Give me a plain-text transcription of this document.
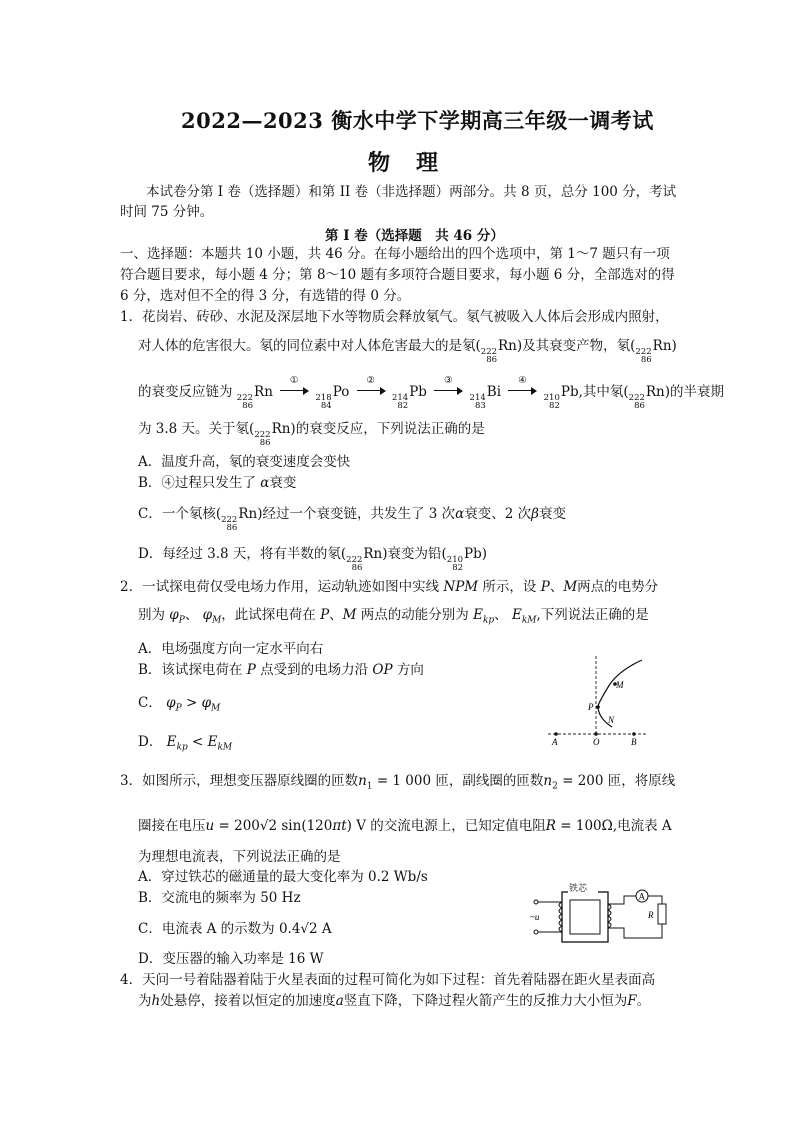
2022—2023 衡水中学下学期高三年级一调考试
物理
本试卷分第 I 卷（选择题）和第 II 卷（非选择题）两部分。共 8 页，总分 100 分，考试
时间 75 分钟。
第 I 卷（选择题　共 46 分）
一、选择题：本题共 10 小题，共 46 分。在每小题给出的四个选项中，第 1～7 题只有一项
符合题目要求，每小题 4 分；第 8～10 题有多项符合题目要求，每小题 6 分，全部选对的得
6 分，选对但不全的得 3 分，有选错的得 0 分。
1．花岗岩、砖砂、水泥及深层地下水等物质会释放氡气。氡气被吸入人体后会形成内照射，
对人体的危害很大。氡的同位素中对人体危害最大的是氡( 222
86
Rn)及其衰变产物，氡( 222
86
Rn)
的衰变反应链为 222
86
Rn
①

218
84
Po
②

214
82
Pb
③

214
83
Bi
④

210
82
Pb,其中氡( 222
86
Rn)的半衰期
为 3.8 天。关于氡( 222
86
Rn)的衰变反应，下列说法正确的是
A．温度升高，氡的衰变速度会变快
B．④过程只发生了 α衰变
C．一个氡核( 222
86
Rn)经过一个衰变链，共发生了 3 次α衰变、2 次β衰变
D．每经过 3.8 天，将有半数的氡( 222
86
Rn)衰变为铅( 210
82
Pb)
2．一试探电荷仅受电场力作用，运动轨迹如图中实线 NPM 所示，设 P、M两点的电势分
别为 $\varphi_P$、 $\varphi_M$，此试探电荷在 P、M 两点的动能分别为 $E_{kp}$、 $E_{kM}$,下列说法正确的是
A．电场强度方向一定水平向右
B．该试探电荷在 P 点受到的电场力沿 OP 方向
C． $\varphi_P > \varphi_M$
D． $E_{kp} < E_{kM}$
M
P
N
A	O	B
3．如图所示，理想变压器原线圈的匝数$n_1 = 1$ 000 匝，副线圈的匝数$n_2 = 200$ 匝，将原线
圈接在电压u = 200√2 sin(120πt) V 的交流电源上，已知定值电阻R = 100Ω,电流表 A
为理想电流表，下列说法正确的是
A．穿过铁芯的磁通量的最大变化率为 0.2 Wb/s
B．交流电的频率为 50 Hz
C．电流表 A 的示数为 0.4√2 A
D．变压器的输入功率是 16 W
铁芯
~u
A
R
4．天问一号着陆器着陆于火星表面的过程可简化为如下过程：首先着陆器在距火星表面高
为h处悬停，接着以恒定的加速度a竖直下降，下降过程火箭产生的反推力大小恒为F。
